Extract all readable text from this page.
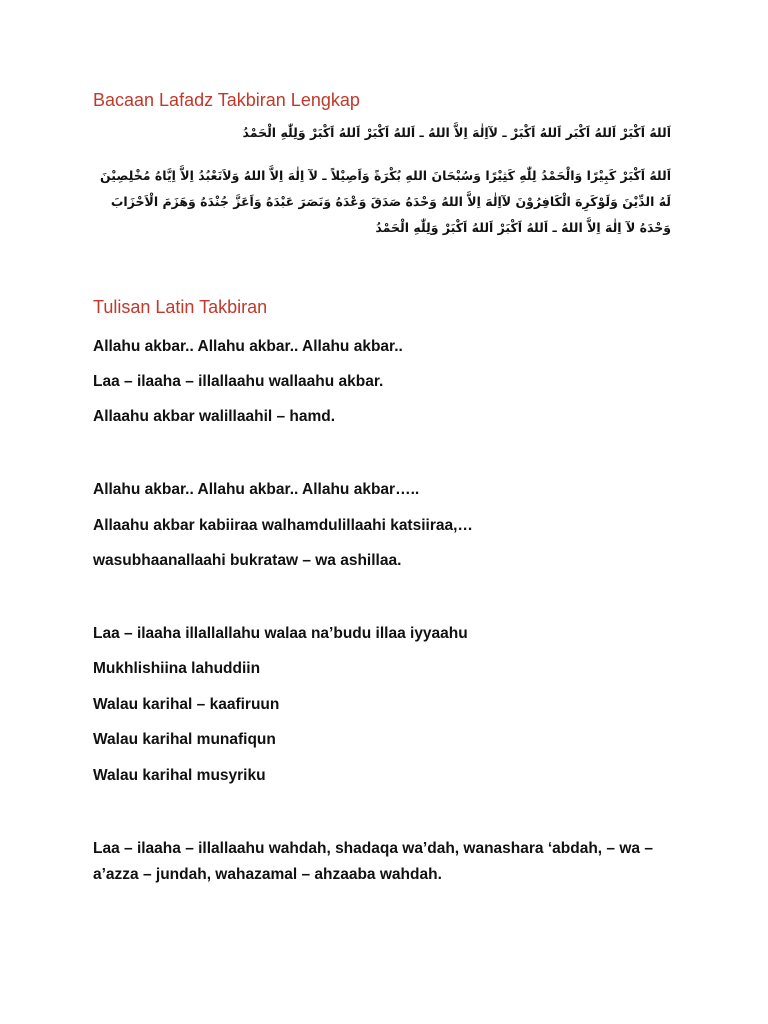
Bacaan Lafadz Takbiran Lengkap

اَللهُ اَكْبَرْ اَللهُ اَكْبَر اَللهُ اَكْبَرْ ـ لآاِلٰهَ اِلاَّ اللهُ ـ اَللهُ اَكْبَرْ اَللهُ اَكْبَرْ وَلِلّٰهِ الْحَمْدُ

اَللهُ اَكْبَرْ كَبِيْرًا وَالْحَمْدُ لِلّٰهِ كَثِيْرًا وَسُبْحَانَ اللهِ بُكْرَةً وَاَصِيْلاً ـ لآ اِلٰهَ اِلاَّ اللهُ وَلاَنَعْبُدُ اِلاَّ اِيَّاهُ مُخْلِصِيْنَ لَهُ الدِّيْنَ وَلَوْكَرِهَ الْكَافِرُوْنَ لآاِلٰهَ اِلاَّ اللهُ وَحْدَهُ صَدَقَ وَعْدَهُ وَنَصَرَ عَبْدَهُ وَاَعَزَّ جُنْدَهُ وَهَزَمَ الْاَحْزَابَ وَحْدَهُ لآ اِلٰهَ اِلاَّ اللهُ ـ اَللهُ اَكْبَرْ اَللهُ اَكْبَرْ وَلِلّٰهِ الْحَمْدُ

Tulisan Latin Takbiran

Allahu akbar.. Allahu akbar.. Allahu akbar..

Laa – ilaaha – illallaahu wallaahu akbar.

Allaahu akbar walillaahil – hamd.

Allahu akbar.. Allahu akbar.. Allahu akbar…..

Allaahu akbar kabiiraa walhamdulillaahi katsiiraa,…

wasubhaanallaahi bukrataw – wa ashillaa.

Laa – ilaaha illallallahu walaa na’budu illaa iyyaahu

Mukhlishiina lahuddiin

Walau karihal – kaafiruun

Walau karihal munafiqun

Walau karihal musyriku

Laa – ilaaha – illallaahu wahdah, shadaqa wa’dah, wanashara ‘abdah, – wa – a’azza – jundah, wahazamal – ahzaaba wahdah.
